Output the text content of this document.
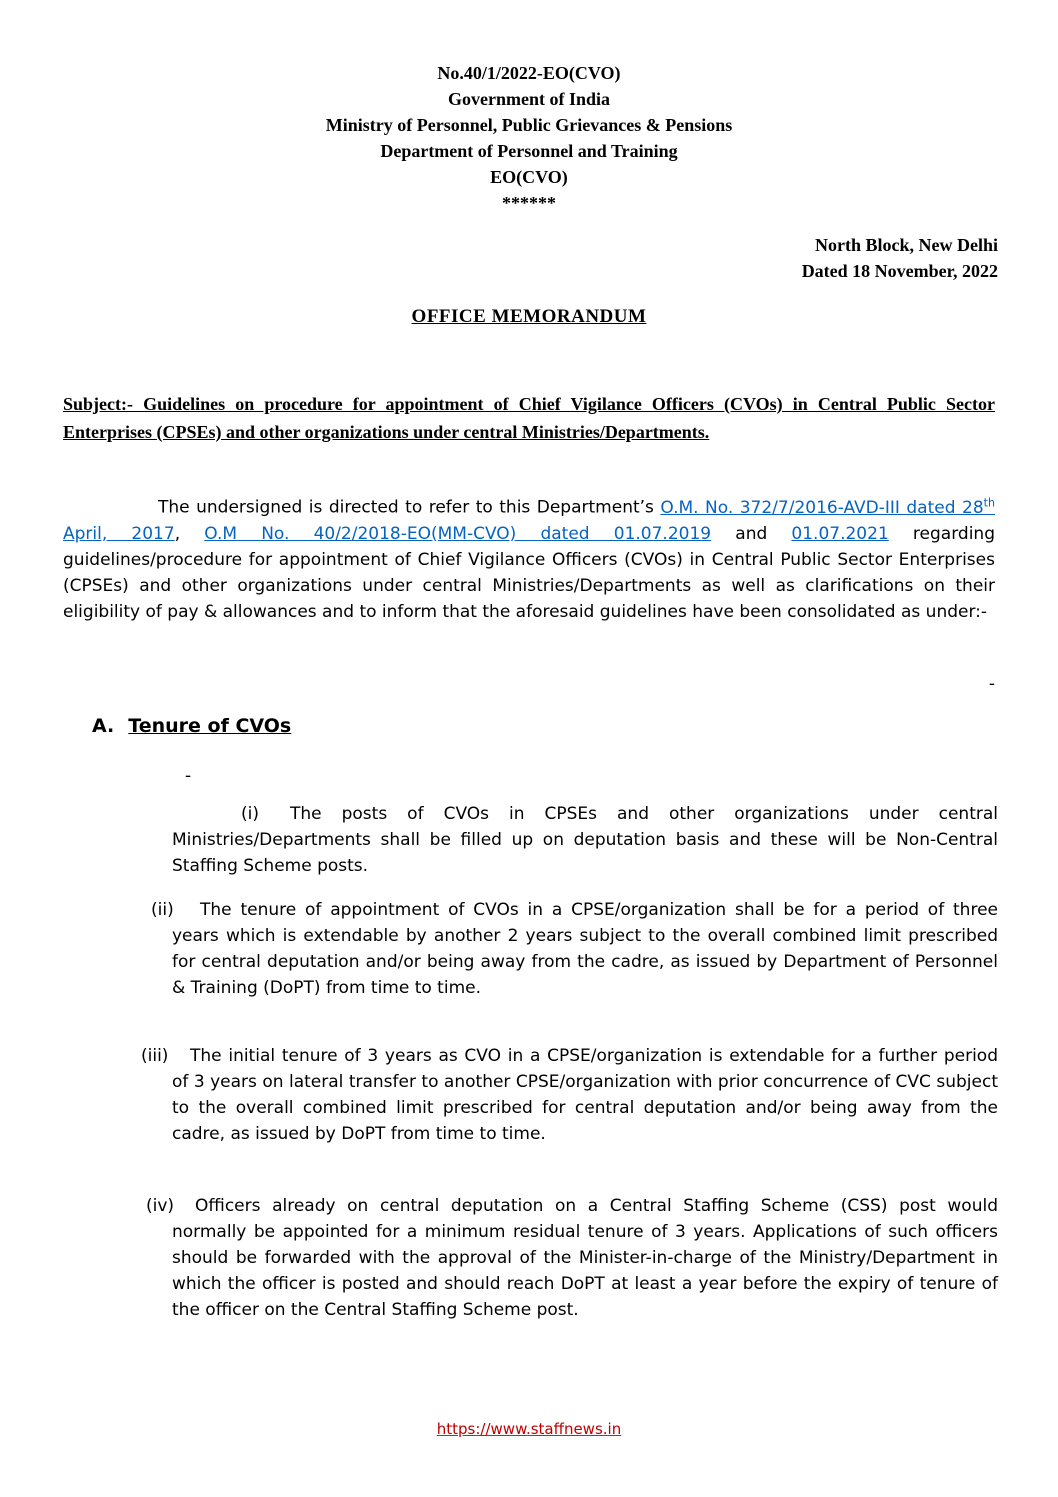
No.40/1/2022-EO(CVO)
Government of India
Ministry of Personnel, Public Grievances & Pensions
Department of Personnel and Training
EO(CVO)
******
North Block, New Delhi
Dated 18 November, 2022
OFFICE MEMORANDUM
Subject:- Guidelines on procedure for appointment of Chief Vigilance Officers (CVOs) in Central Public Sector Enterprises (CPSEs) and other organizations under central Ministries/Departments.

The undersigned is directed to refer to this Department’s O.M. No. 372/7/2016-AVD-III dated 28th April, 2017, O.M No. 40/2/2018-EO(MM-CVO) dated 01.07.2019 and 01.07.2021 regarding guidelines/procedure for appointment of Chief Vigilance Officers (CVOs) in Central Public Sector Enterprises (CPSEs) and other organizations under central Ministries/Departments as well as clarifications on their eligibility of pay & allowances and to inform that the aforesaid guidelines have been consolidated as under:-

-
A. Tenure of CVOs
-
(i) The posts of CVOs in CPSEs and other organizations under central Ministries/Departments shall be filled up on deputation basis and these will be Non-Central Staffing Scheme posts.
(ii) The tenure of appointment of CVOs in a CPSE/organization shall be for a period of three years which is extendable by another 2 years subject to the overall combined limit prescribed for central deputation and/or being away from the cadre, as issued by Department of Personnel & Training (DoPT) from time to time.
(iii) The initial tenure of 3 years as CVO in a CPSE/organization is extendable for a further period of 3 years on lateral transfer to another CPSE/organization with prior concurrence of CVC subject to the overall combined limit prescribed for central deputation and/or being away from the cadre, as issued by DoPT from time to time.
(iv) Officers already on central deputation on a Central Staffing Scheme (CSS) post would normally be appointed for a minimum residual tenure of 3 years. Applications of such officers should be forwarded with the approval of the Minister-in-charge of the Ministry/Department in which the officer is posted and should reach DoPT at least a year before the expiry of tenure of the officer on the Central Staffing Scheme post.
https://www.staffnews.in
